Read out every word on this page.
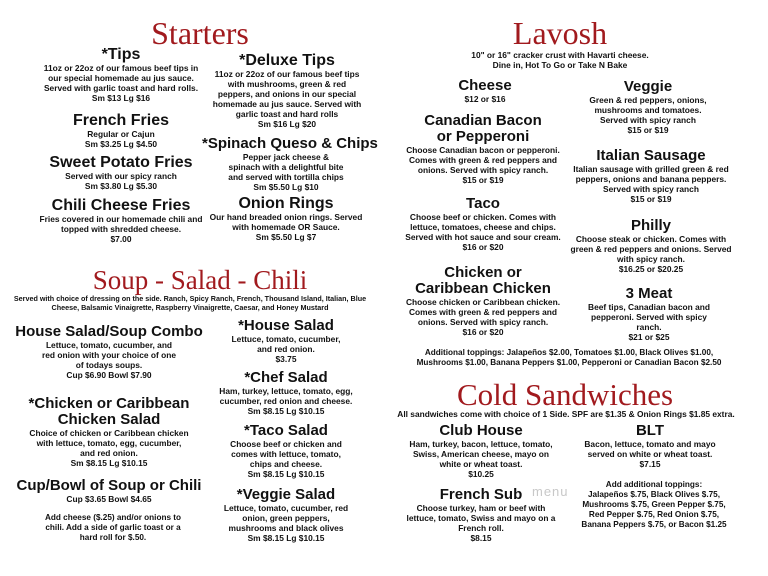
Starters
*Tips
11oz or 22oz of our famous beef tips in our special homemade au jus sauce. Served with garlic toast and hard rolls.
Sm $13 Lg $16
*Deluxe Tips
11oz or 22oz of our famous beef tips with mushrooms, green & red peppers, and onions in our special homemade au jus sauce. Served with garlic toast and hard rolls
Sm $16 Lg $20
French Fries
Regular or Cajun
Sm $3.25 Lg $4.50	*Spinach Queso & Chips
Pepper jack cheese & spinach with a delightful bite and served with tortilla chips
Sm $5.50 Lg $10
Sweet Potato Fries
Served with our spicy ranch
Sm $3.80 Lg $5.30
Onion Rings
Our hand breaded onion rings. Served with homemade OR Sauce.
Sm $5.50 Lg $7
Chili Cheese Fries
Fries covered in our homemade chili and topped with shredded cheese.
$7.00
Soup - Salad - Chili
Served with choice of dressing on the side. Ranch, Spicy Ranch, French, Thousand Island, Italian, Blue Cheese, Balsamic Vinaigrette, Raspberry Vinaigrette, Caesar, and Honey Mustard
House Salad/Soup Combo
Lettuce, tomato, cucumber, and red onion with your choice of one of todays soups.
Cup $6.90 Bowl $7.90
*House Salad
Lettuce, tomato, cucumber, and red onion.
$3.75
*Chicken or Caribbean
Chicken Salad
Choice of chicken or Caribbean chicken with lettuce, tomato, egg, cucumber, and red onion.
Sm $8.15 Lg $10.15
*Chef Salad
Ham, turkey, lettuce, tomato, egg, cucumber, red onion and cheese.
Sm $8.15 Lg $10.15
*Taco Salad
Choose beef or chicken and comes with lettuce, tomato, chips and cheese.
Sm $8.15 Lg $10.15
Cup/Bowl of Soup or Chili
Cup $3.65 Bowl $4.65	*Veggie Salad
Lettuce, tomato, cucumber, red onion, green peppers, mushrooms and black olives
Sm $8.15 Lg $10.15
Add cheese ($.25) and/or onions to chili. Add a side of garlic toast or a hard roll for $.50.
Lavosh
10" or 16" cracker crust with Havarti cheese.
Dine in, Hot To Go or Take N Bake
Cheese
$12 or $16
Veggie
Green & red peppers, onions, mushrooms and tomatoes. Served with spicy ranch
$15 or $19
Canadian Bacon
or Pepperoni
Choose Canadian bacon or pepperoni. Comes with green & red peppers and onions. Served with spicy ranch.
$15 or $19
Italian Sausage
Italian sausage with grilled green & red peppers, onions and banana peppers. Served with spicy ranch
$15 or $19
Taco
Choose beef or chicken. Comes with lettuce, tomatoes, cheese and chips. Served with hot sauce and sour cream.
$16 or $20
Philly
Choose steak or chicken. Comes with green & red peppers and onions. Served with spicy ranch.
$16.25 or $20.25
Chicken or
Caribbean Chicken
Choose chicken or Caribbean chicken. Comes with green & red peppers and onions. Served with spicy ranch.
$16 or $20
3 Meat
Beef tips, Canadian bacon and pepperoni. Served with spicy ranch.
$21 or $25
Additional toppings: Jalapeños $2.00, Tomatoes $1.00, Black Olives $1.00,
Mushrooms $1.00, Banana Peppers $1.00, Pepperoni or Canadian Bacon $2.50
Cold Sandwiches
All sandwiches come with choice of 1 Side. SPF are $1.35 & Onion Rings $1.85 extra.
Club House
Ham, turkey, bacon, lettuce, tomato, Swiss, American cheese, mayo on white or wheat toast.
$10.25
BLT
Bacon, lettuce, tomato and mayo served on white or wheat toast.
$7.15
French Sub
Choose turkey, ham or beef with lettuce, tomato, Swiss and mayo on a French roll.
$8.15
menu	Add additional toppings:
Jalapeños $.75, Black Olives $.75,
Mushrooms $.75, Green Pepper $.75,
Red Pepper $.75, Red Onion $.75,
Banana Peppers $.75, or Bacon $1.25
